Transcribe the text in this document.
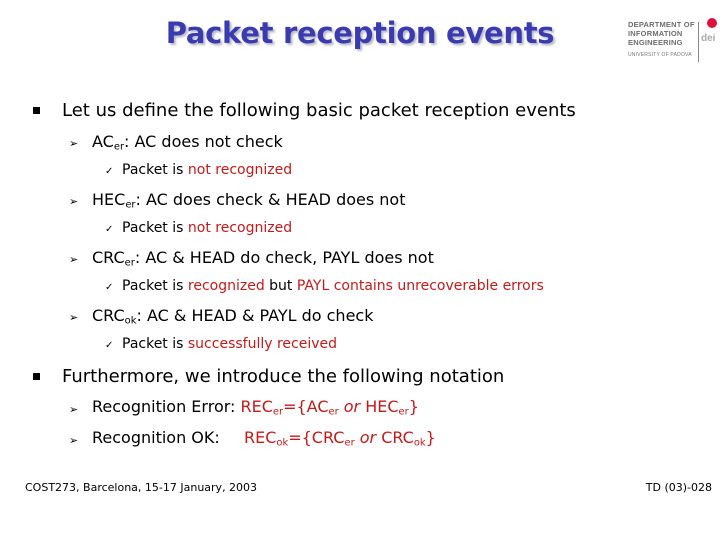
Packet reception events	DEPARTMENT OF
INFORMATION
ENGINEERING
UNIVERSITY OF PADOVA
dei
Let us define the following basic packet reception events
➢ $AC_{er}$: AC does not check
✓ Packet is not recognized
➢ $HEC_{er}$: AC does check & HEAD does not
✓ Packet is not recognized
➢ $CRC_{er}$: AC & HEAD do check, PAYL does not
✓ Packet is recognized but PAYL contains unrecoverable errors
➢ $CRC_{ok}$: AC & HEAD & PAYL do check
✓ Packet is successfully received
Furthermore, we introduce the following notation
➢ Recognition Error: $REC_{er}=\{AC_{er}$ or $HEC_{er}$}
➢ Recognition OK: $REC_{ok}=\{CRC_{er}$ or $CRC_{ok}$}
COST273, Barcelona, 15-17 January, 2003	TD (03)-028
